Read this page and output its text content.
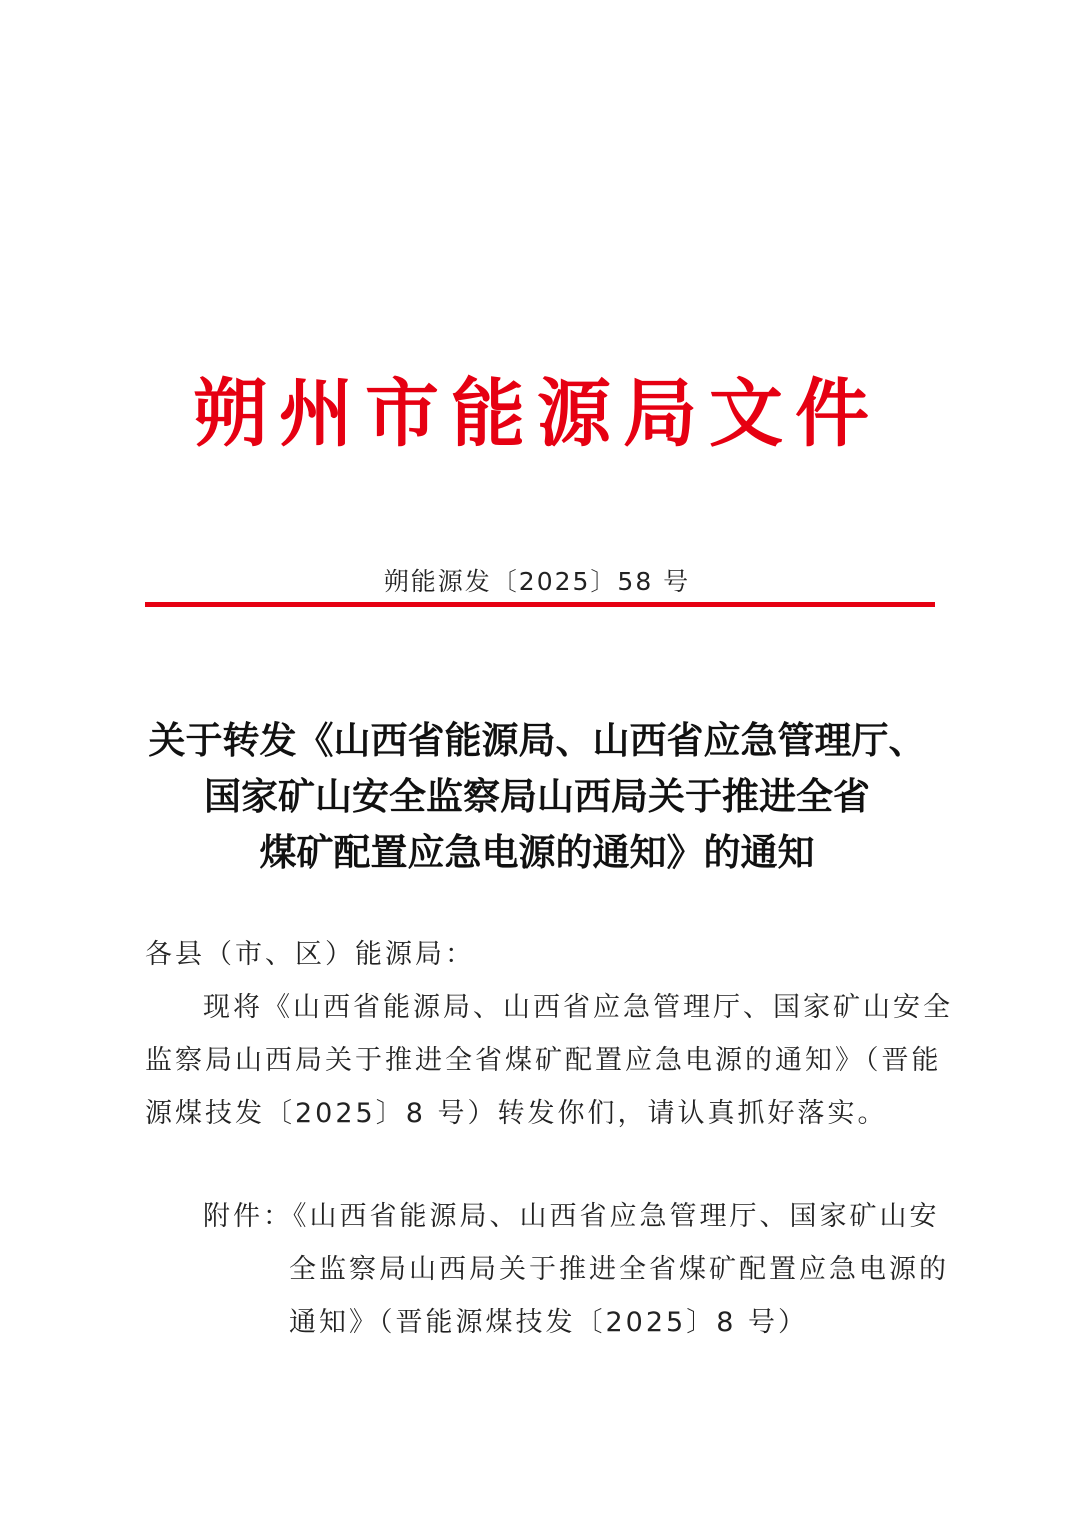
朔州市能源局文件
朔能源发〔2025〕58 号
关于转发《山西省能源局、山西省应急管理厅、
国家矿山安全监察局山西局关于推进全省
煤矿配置应急电源的通知》的通知
各县（市、区）能源局：
现将《山西省能源局、山西省应急管理厅、国家矿山安全
监察局山西局关于推进全省煤矿配置应急电源的通知》（晋能
源煤技发〔2025〕8 号）转发你们，请认真抓好落实。
附件：《山西省能源局、山西省应急管理厅、国家矿山安
全监察局山西局关于推进全省煤矿配置应急电源的
通知》（晋能源煤技发〔2025〕8 号）
